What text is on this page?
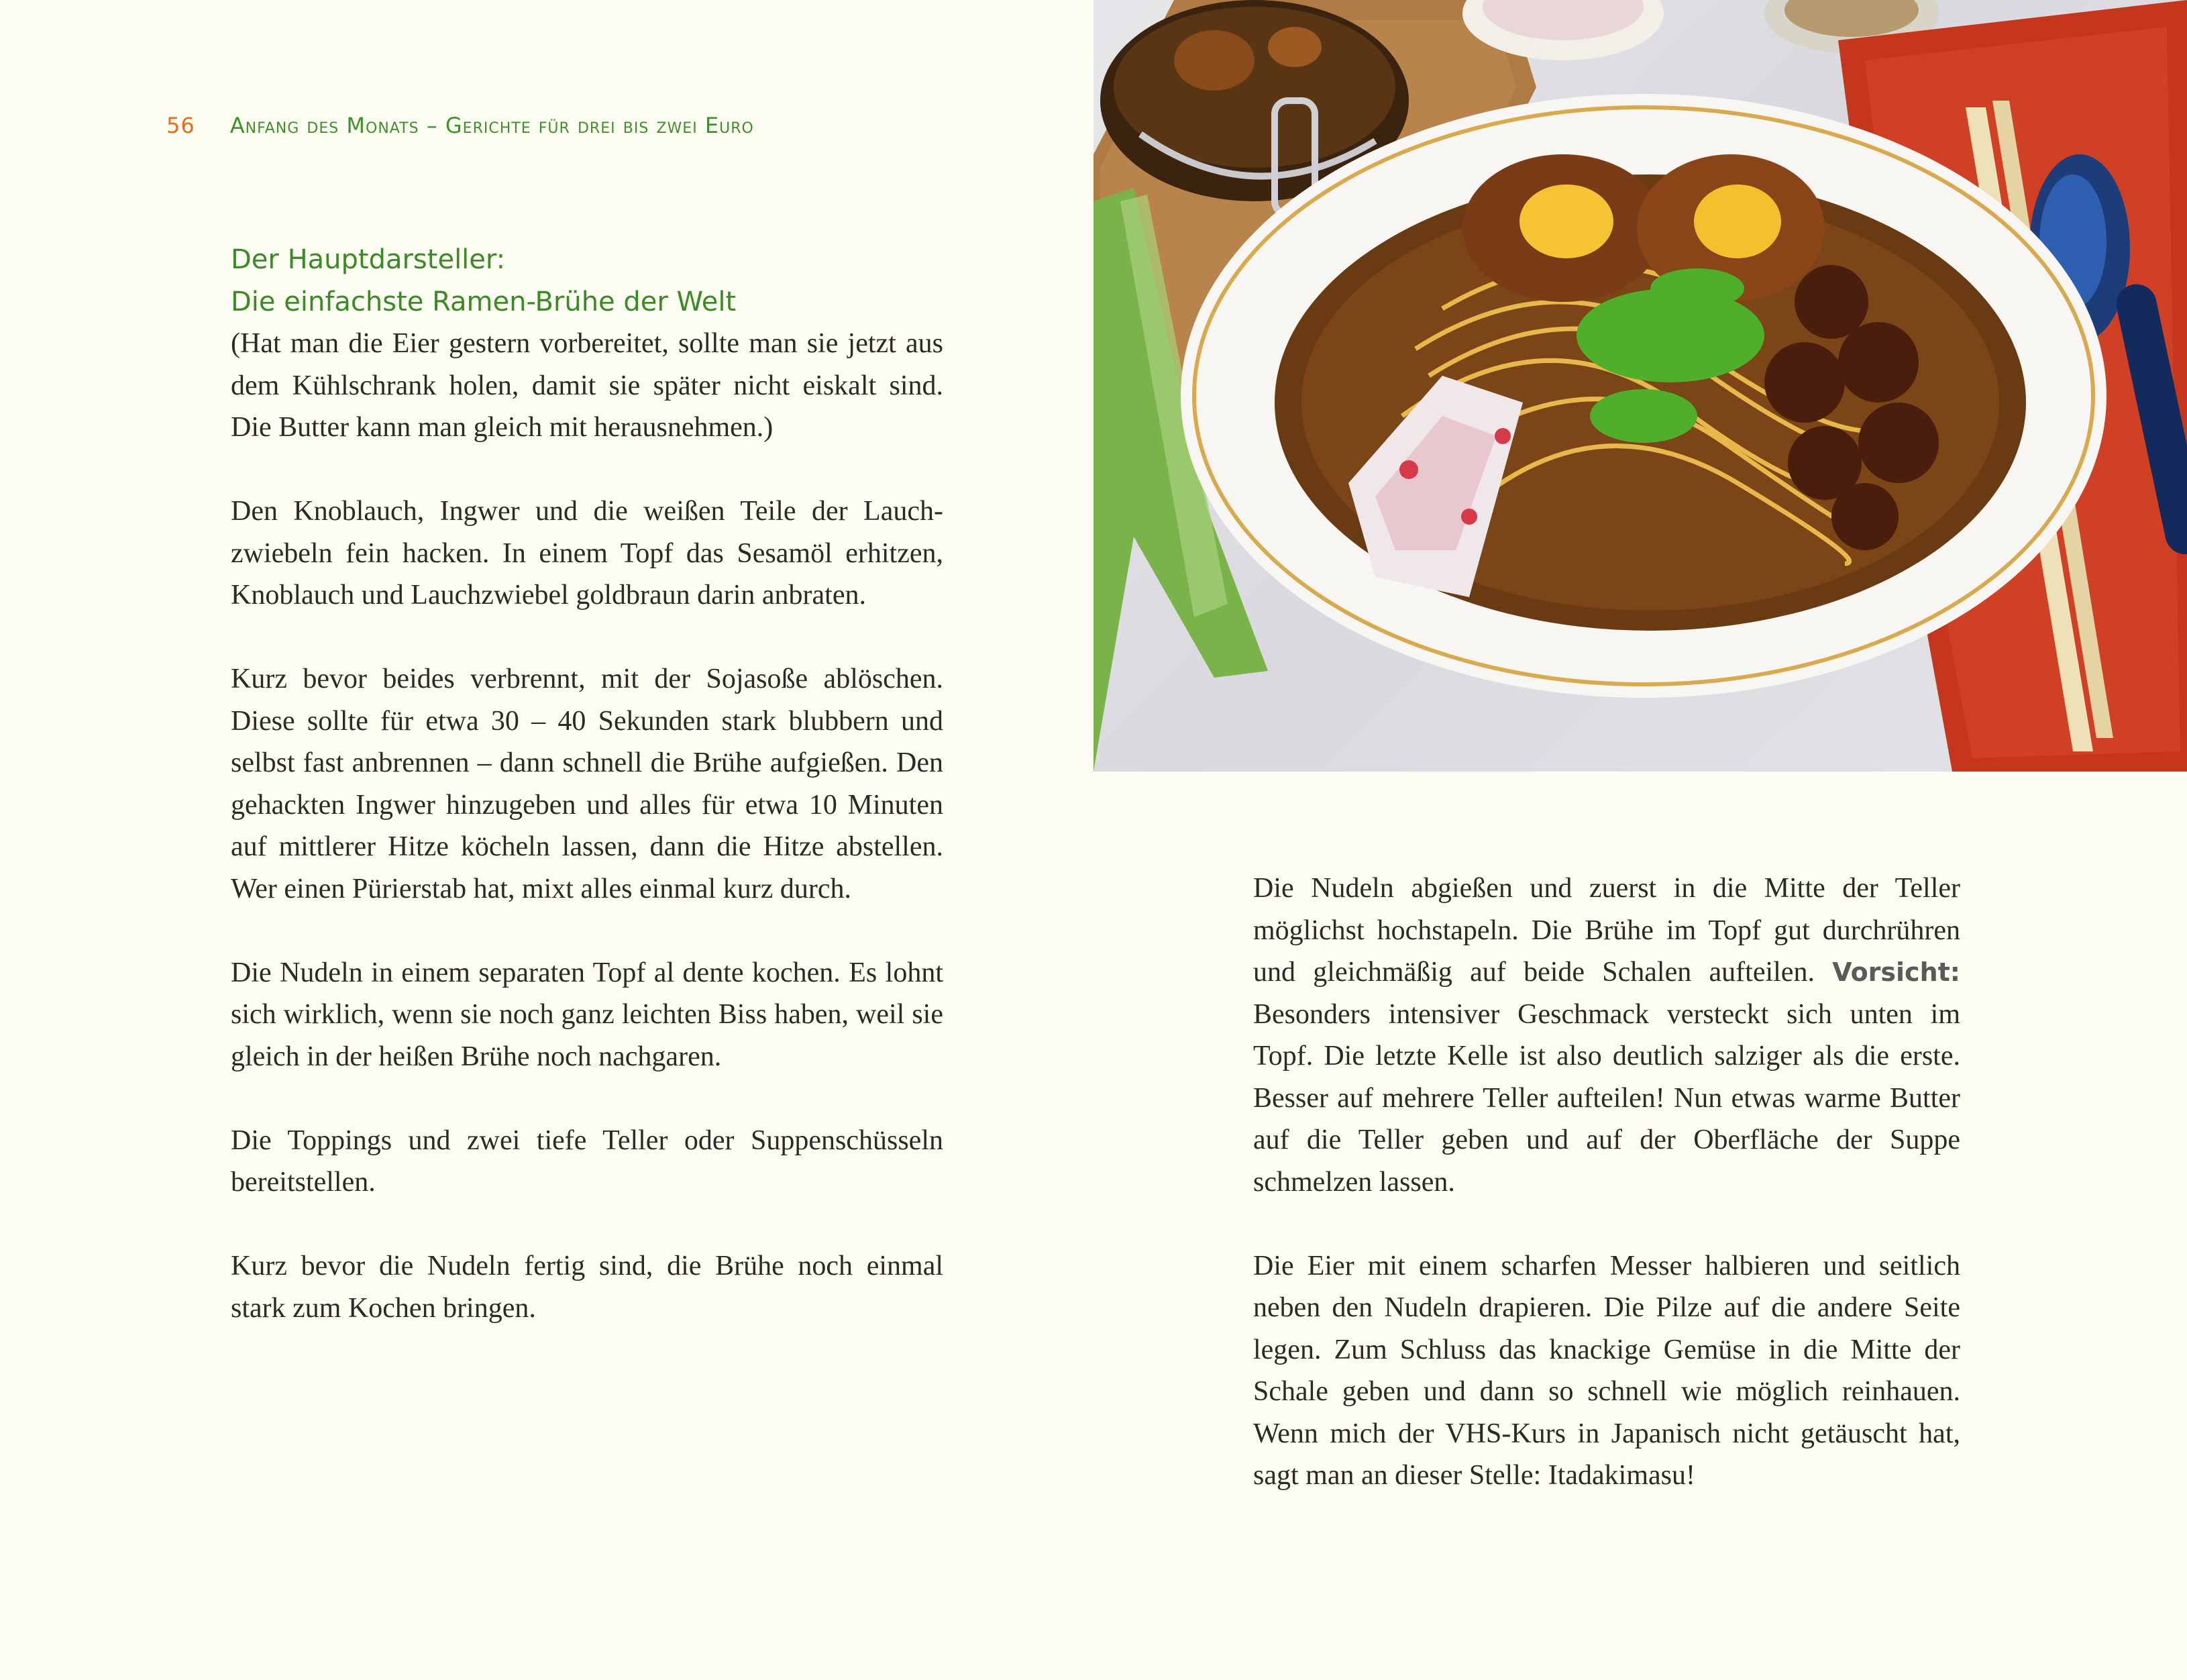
56 Anfang des Monats – Gerichte für drei bis zwei Euro
Der Hauptdarsteller:
Die einfachste Ramen-Brühe der Welt

(Hat man die Eier gestern vorbereitet, sollte man sie jetzt aus dem Kühlschrank holen, damit sie später nicht eiskalt sind. Die Butter kann man gleich mit herausnehmen.)

Den Knoblauch, Ingwer und die weißen Teile der Lauchzwiebeln fein hacken. In einem Topf das Sesamöl erhitzen, Knoblauch und Lauchzwiebel goldbraun darin anbraten.

Kurz bevor beides verbrennt, mit der Sojasoße ablöschen. Diese sollte für etwa 30 – 40 Sekunden stark blubbern und selbst fast anbrennen – dann schnell die Brühe aufgießen. Den gehackten Ingwer hinzugeben und alles für etwa 10 Minuten auf mittlerer Hitze köcheln lassen, dann die Hitze abstellen. Wer einen Pürierstab hat, mixt alles einmal kurz durch.

Die Nudeln in einem separaten Topf al dente kochen. Es lohnt sich wirklich, wenn sie noch ganz leichten Biss haben, weil sie gleich in der heißen Brühe noch nachgaren.

Die Toppings und zwei tiefe Teller oder Suppenschüsseln bereitstellen.

Kurz bevor die Nudeln fertig sind, die Brühe noch einmal stark zum Kochen bringen.

Die Nudeln abgießen und zuerst in die Mitte der Teller möglichst hochstapeln. Die Brühe im Topf gut durchrühren und gleichmäßig auf beide Schalen aufteilen. Vorsicht: Besonders intensiver Geschmack versteckt sich unten im Topf. Die letzte Kelle ist also deutlich salziger als die erste. Besser auf mehrere Teller aufteilen! Nun etwas warme Butter auf die Teller geben und auf der Oberfläche der Suppe schmelzen lassen.

Die Eier mit einem scharfen Messer halbieren und seitlich neben den Nudeln drapieren. Die Pilze auf die andere Seite legen. Zum Schluss das knackige Gemüse in die Mitte der Schale geben und dann so schnell wie möglich reinhauen. Wenn mich der VHS-Kurs in Japanisch nicht getäuscht hat, sagt man an dieser Stelle: Itadakimasu!
